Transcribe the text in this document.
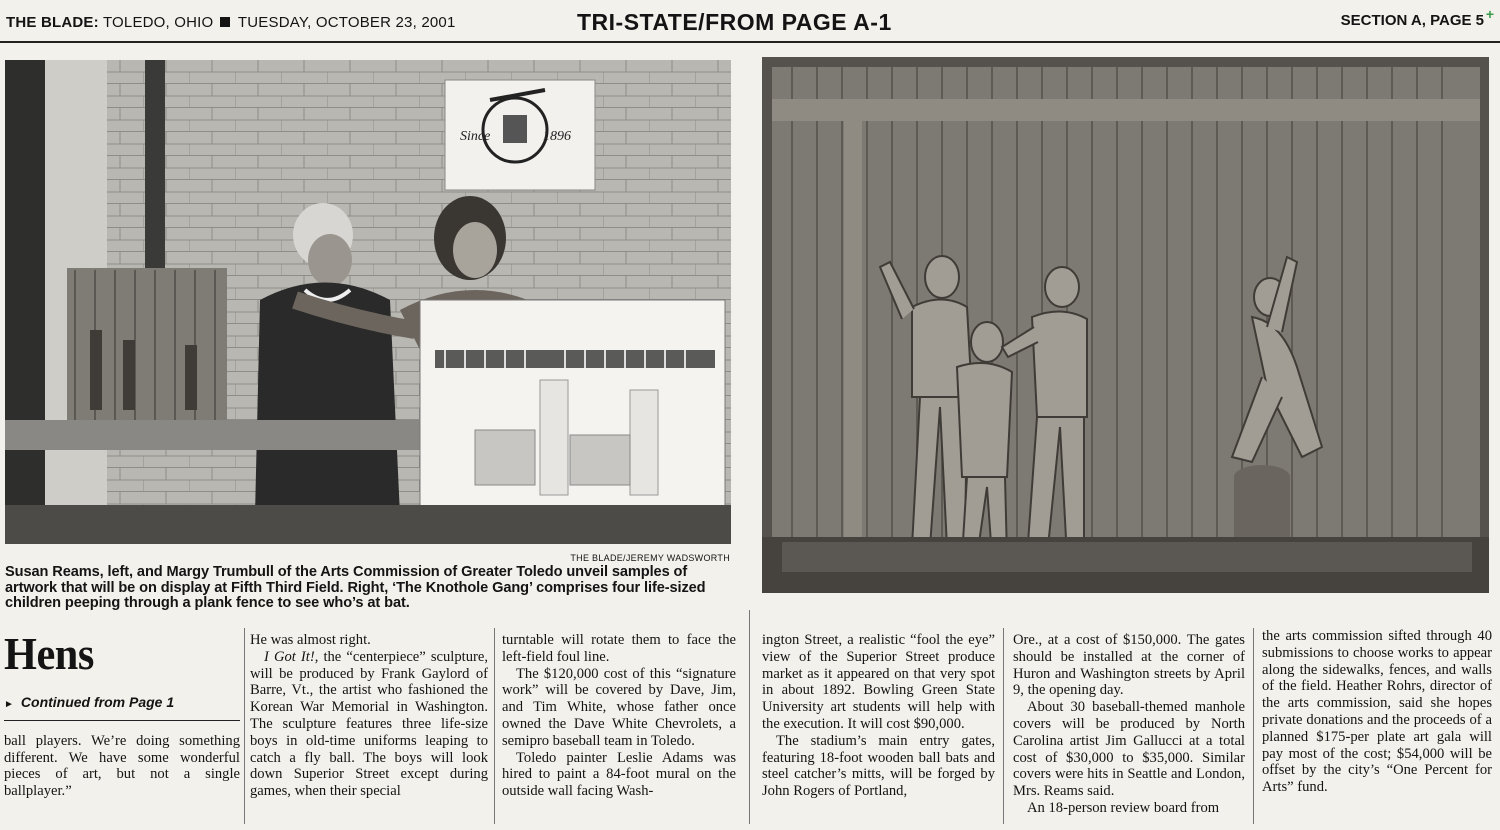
THE BLADE: TOLEDO, OHIO TUESDAY, OCTOBER 23, 2001	TRI-STATE/FROM PAGE A-1	SECTION A, PAGE 5 +
Since	1896
THE BLADE/JEREMY WADSWORTH
Susan Reams, left, and Margy Trumbull of the Arts Commission of Greater Toledo unveil samples of artwork that will be on display at Fifth Third Field. Right, ‘The Knothole Gang’ comprises four life-sized children peeping through a plank fence to see who’s at bat.
Hens
► Continued from Page 1

ball players. We’re doing something different. We have some wonderful pieces of art, but not a single ballplayer.”

He was almost right.

I Got It!, the “centerpiece” sculpture, will be produced by Frank Gaylord of Barre, Vt., the artist who fashioned the Korean War Memorial in Washington. The sculpture features three life-size boys in old-time uniforms leaping to catch a fly ball. The boys will look down Superior Street except during games, when their special

turntable will rotate them to face the left-field foul line.

The $120,000 cost of this “signature work” will be covered by Dave, Jim, and Tim White, whose father once owned the Dave White Chevrolets, a semipro baseball team in Toledo.

Toledo painter Leslie Adams was hired to paint a 84-foot mural on the outside wall facing Wash-

ington Street, a realistic “fool the eye” view of the Superior Street produce market as it appeared on that very spot in about 1892. Bowling Green State University art students will help with the execution. It will cost $90,000.

The stadium’s main entry gates, featuring 18-foot wooden ball bats and steel catcher’s mitts, will be forged by John Rogers of Portland,

Ore., at a cost of $150,000. The gates should be installed at the corner of Huron and Washington streets by April 9, the opening day.

About 30 baseball-themed manhole covers will be produced by North Carolina artist Jim Gallucci at a total cost of $30,000 to $35,000. Similar covers were hits in Seattle and London, Mrs. Reams said.

An 18-person review board from

the arts commission sifted through 40 submissions to choose works to appear along the sidewalks, fences, and walls of the field. Heather Rohrs, director of the arts commission, said she hopes private donations and the proceeds of a planned $175-per plate art gala will pay most of the cost; $54,000 will be offset by the city’s “One Percent for Arts” fund.
